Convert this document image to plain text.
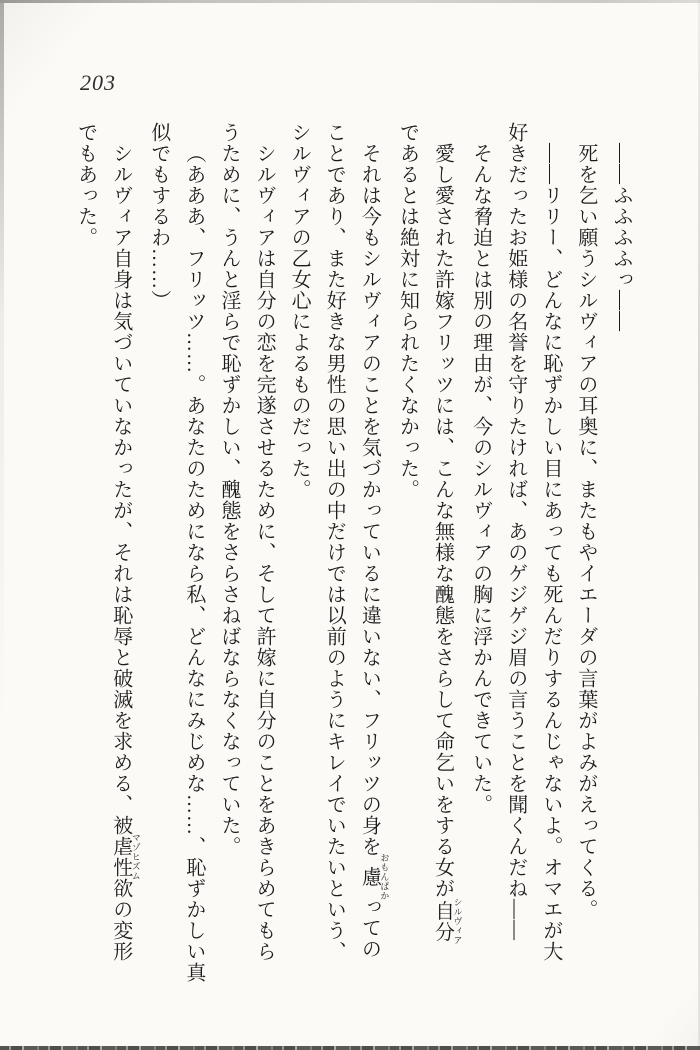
203
――ふふふふっ――
死を乞い願うシルヴィアの耳奥に、またもやイエーダの言葉がよみがえってくる。
――リリー、どんなに恥ずかしい目にあっても死んだりするんじゃないよ。オマエが大
好きだったお姫様の名誉を守りたければ、あのゲジゲジ眉の言うことを聞くんだね――
そんな脅迫とは別の理由が、今のシルヴィアの胸に浮かんできていた。
愛し愛された許嫁フリッツには、こんな無様な醜態をさらして命乞いをする女が自分 シルヴィア
であるとは絶対に知られたくなかった。
それは今もシルヴィアのことを気づかっているに違いない、フリッツの身を慮 おもんぱかっての
ことであり、また好きな男性の思い出の中だけでは以前のようにキレイでいたいという、
シルヴィアの乙女心によるものだった。
シルヴィアは自分の恋を完遂させるために、そして許嫁に自分のことをあきらめてもら
うために、うんと淫らで恥ずかしい、醜態をさらさねばならなくなっていた。
（あああ、フリッツ……。あなたのためになら私、どんなにみじめな……、恥ずかしい真
似でもするわ……）
シルヴィア自身は気づいていなかったが、それは恥辱と破滅を求める、被虐性欲 マゾヒズムの変形
でもあった。
